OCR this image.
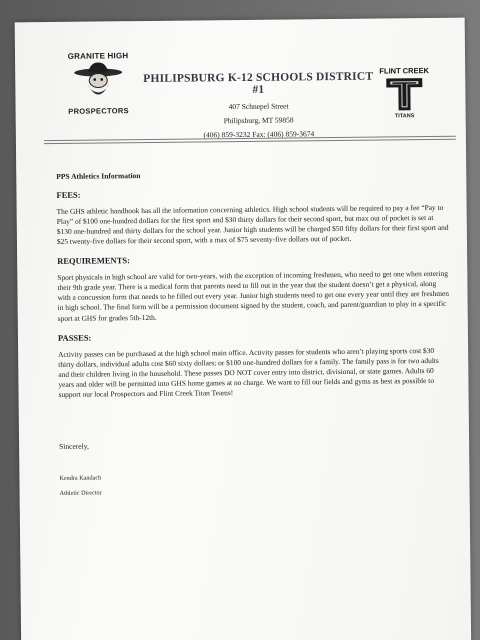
GRANITE HIGH
PROSPECTORS
PHILIPSBURG K-12 SCHOOLS DISTRICT #1
407 Schnepel Street
Philipsburg, MT 59858
(406) 859-3232 Fax: (406) 859-3674
FLINT CREEK
TITANS
PPS Athletics Information
FEES:
The GHS athletic handbook has all the information concerning athletics. High school students will be required to pay a fee “Pay to Play” of $100 one-hundred dollars for the first sport and $30 thirty dollars for their second sport, but max out of pocket is set at $130 one-hundred and thirty dollars for the school year. Junior high students will be charged $50 fifty dollars for their first sport and $25 twenty-five dollars for their second sport, with a max of $75 seventy-five dollars out of pocket.
REQUIREMENTS:
Sport physicals in high school are valid for two-years, with the exception of incoming freshmen, who need to get one when entering their 9th grade year. There is a medical form that parents need to fill out in the year that the student doesn’t get a physical, along with a concussion form that needs to be filled out every year. Junior high students need to get one every year until they are freshmen in high school. The final form will be a permission document signed by the student, coach, and parent/guardian to play in a specific sport at GHS for grades 5th-12th.
PASSES:
Activity passes can be purchased at the high school main office. Activity passes for students who aren’t playing sports cost $30 thirty dollars, individual adults cost $60 sixty dollars; or $100 one-hundred dollars for a family. The family pass is for two adults and their children living in the household. These passes DO NOT cover entry into district, divisional, or state games. Adults 60 years and older will be permitted into GHS home games at no charge. We want to fill our fields and gyms as best as possible to support our local Prospectors and Flint Creek Titan Teams!
Sincerely,
Kendra Kandach
Athletic Director
